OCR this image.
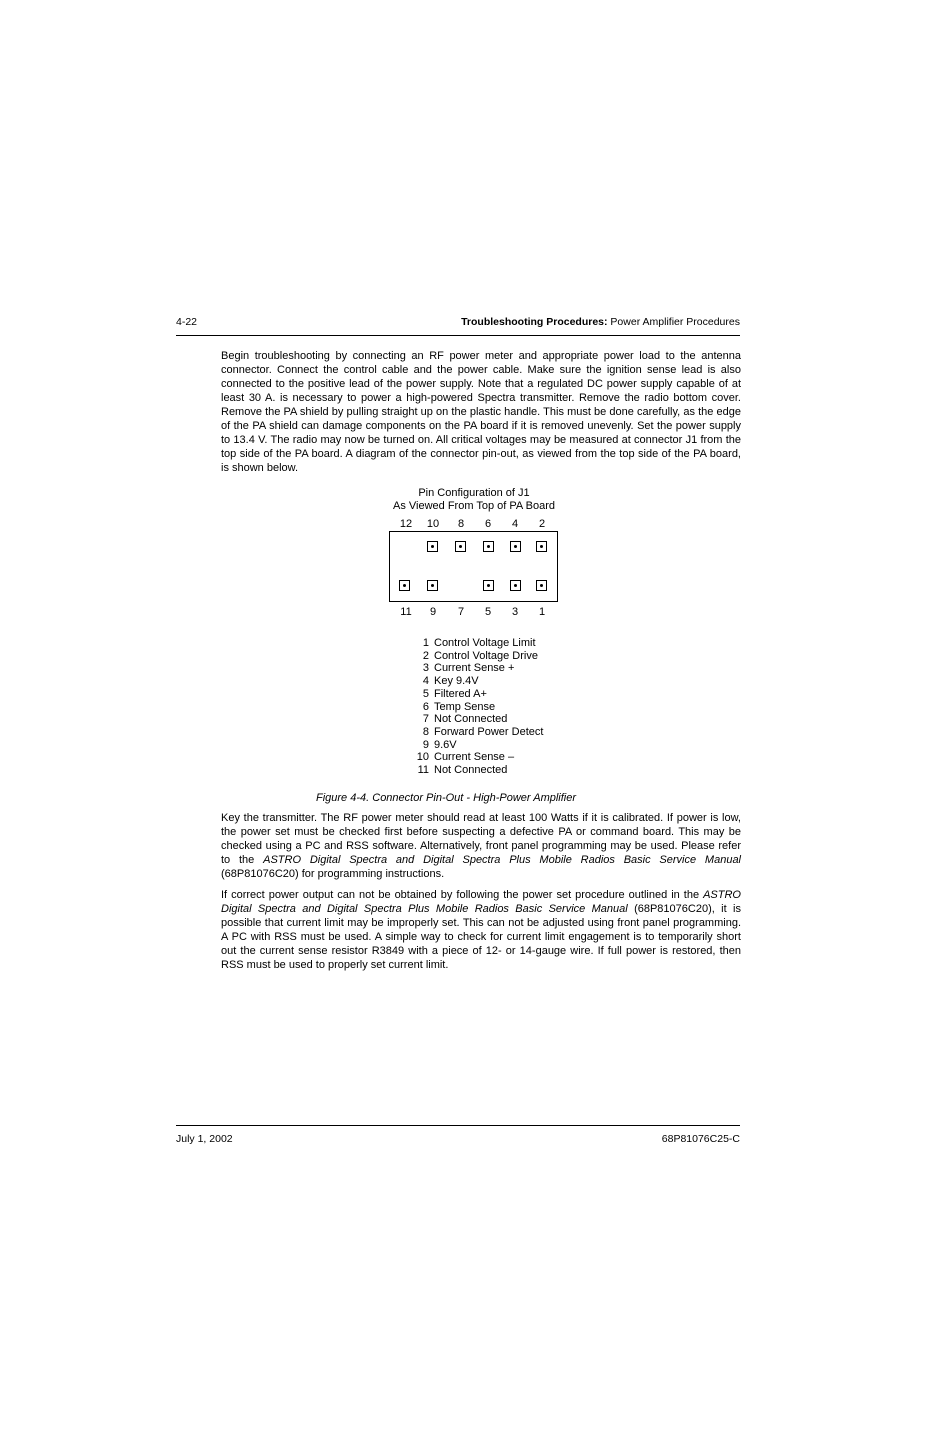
4-22	Troubleshooting Procedures: Power Amplifier Procedures

Begin troubleshooting by connecting an RF power meter and appropriate power load to the antenna connector. Connect the control cable and the power cable. Make sure the ignition sense lead is also connected to the positive lead of the power supply. Note that a regulated DC power supply capable of at least 30 A. is necessary to power a high-powered Spectra transmitter. Remove the radio bottom cover. Remove the PA shield by pulling straight up on the plastic handle. This must be done carefully, as the edge of the PA shield can damage components on the PA board if it is removed unevenly. Set the power supply to 13.4 V. The radio may now be turned on. All critical voltages may be measured at connector J1 from the top side of the PA board. A diagram of the connector pin-out, as viewed from the top side of the PA board, is shown below.

Pin Configuration of J1
As Viewed From Top of PA Board
12	10	8	6	4	2
11	9	7	5	3	1
1 Control Voltage Limit
2 Control Voltage Drive
3 Current Sense +
4 Key 9.4V
5 Filtered A+
6 Temp Sense
7 Not Connected
8 Forward Power Detect
9 9.6V
10 Current Sense –
11 Not Connected
Figure 4-4. Connector Pin-Out - High-Power Amplifier

Key the transmitter. The RF power meter should read at least 100 Watts if it is calibrated. If power is low, the power set must be checked first before suspecting a defective PA or command board. This may be checked using a PC and RSS software. Alternatively, front panel programming may be used. Please refer to the ASTRO Digital Spectra and Digital Spectra Plus Mobile Radios Basic Service Manual (68P81076C20) for programming instructions.

If correct power output can not be obtained by following the power set procedure outlined in the ASTRO Digital Spectra and Digital Spectra Plus Mobile Radios Basic Service Manual (68P81076C20), it is possible that current limit may be improperly set. This can not be adjusted using front panel programming. A PC with RSS must be used. A simple way to check for current limit engagement is to temporarily short out the current sense resistor R3849 with a piece of 12- or 14-gauge wire. If full power is restored, then RSS must be used to properly set current limit.

July 1, 2002	68P81076C25-C
